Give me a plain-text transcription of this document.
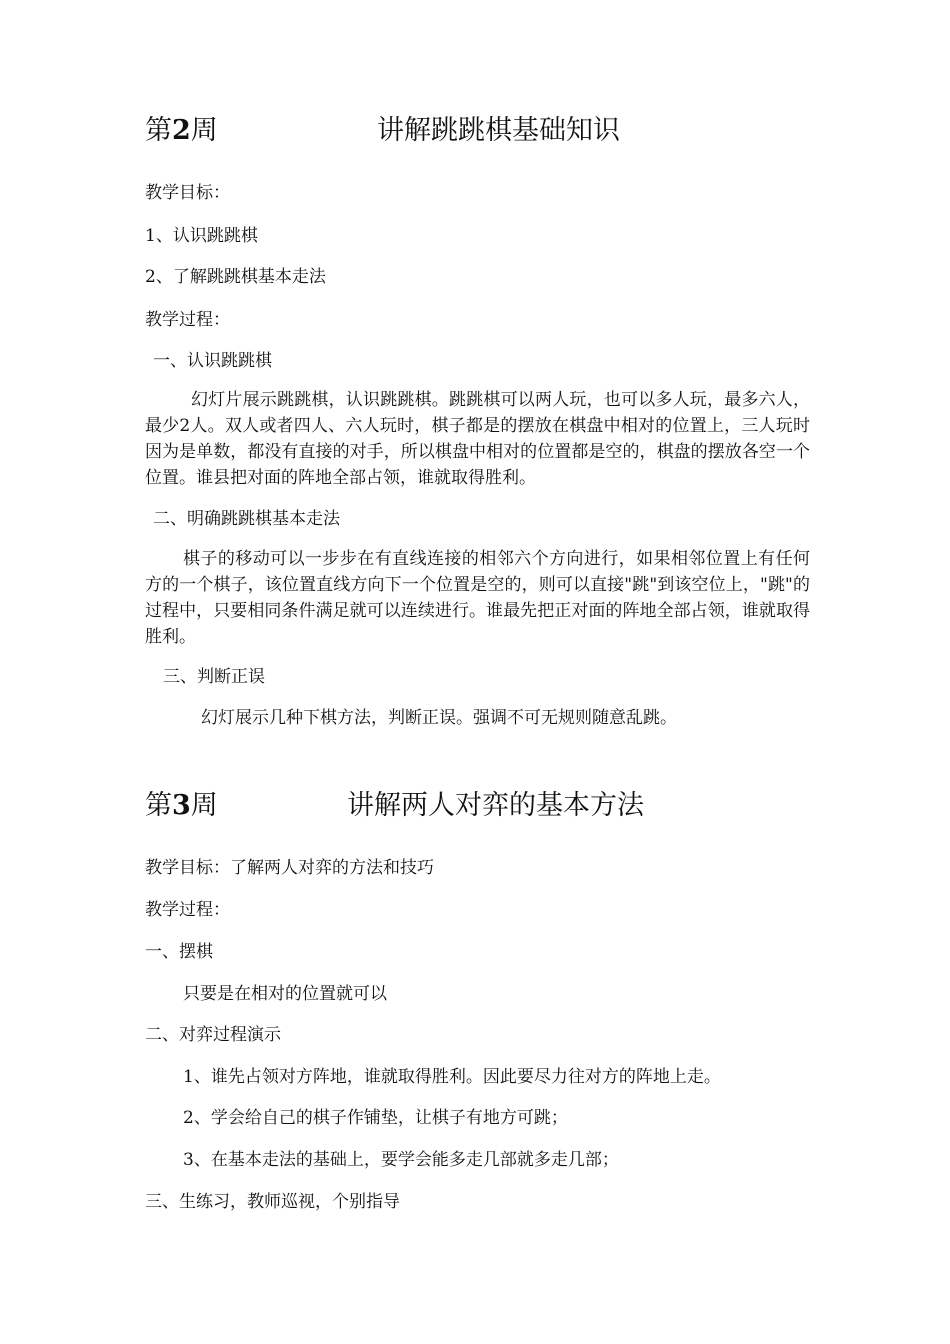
第2周	讲解跳跳棋基础知识
教学目标：
1、认识跳跳棋
2、了解跳跳棋基本走法
教学过程：
一、认识跳跳棋
幻灯片展示跳跳棋，认识跳跳棋。跳跳棋可以两人玩，也可以多人玩，最多六人，最少2人。双人或者四人、六人玩时，棋子都是的摆放在棋盘中相对的位置上，三人玩时因为是单数，都没有直接的对手，所以棋盘中相对的位置都是空的，棋盘的摆放各空一个位置。谁县把对面的阵地全部占领，谁就取得胜利。
二、明确跳跳棋基本走法
棋子的移动可以一步步在有直线连接的相邻六个方向进行，如果相邻位置上有任何方的一个棋子，该位置直线方向下一个位置是空的，则可以直接"跳"到该空位上，"跳"的过程中，只要相同条件满足就可以连续进行。谁最先把正对面的阵地全部占领，谁就取得胜利。
三、判断正误
幻灯展示几种下棋方法，判断正误。强调不可无规则随意乱跳。
第3周	讲解两人对弈的基本方法
教学目标：了解两人对弈的方法和技巧
教学过程：
一、摆棋
只要是在相对的位置就可以
二、对弈过程演示
1、谁先占领对方阵地，谁就取得胜利。因此要尽力往对方的阵地上走。
2、学会给自己的棋子作铺垫，让棋子有地方可跳；
3、在基本走法的基础上，要学会能多走几部就多走几部；
三、生练习，教师巡视，个别指导
